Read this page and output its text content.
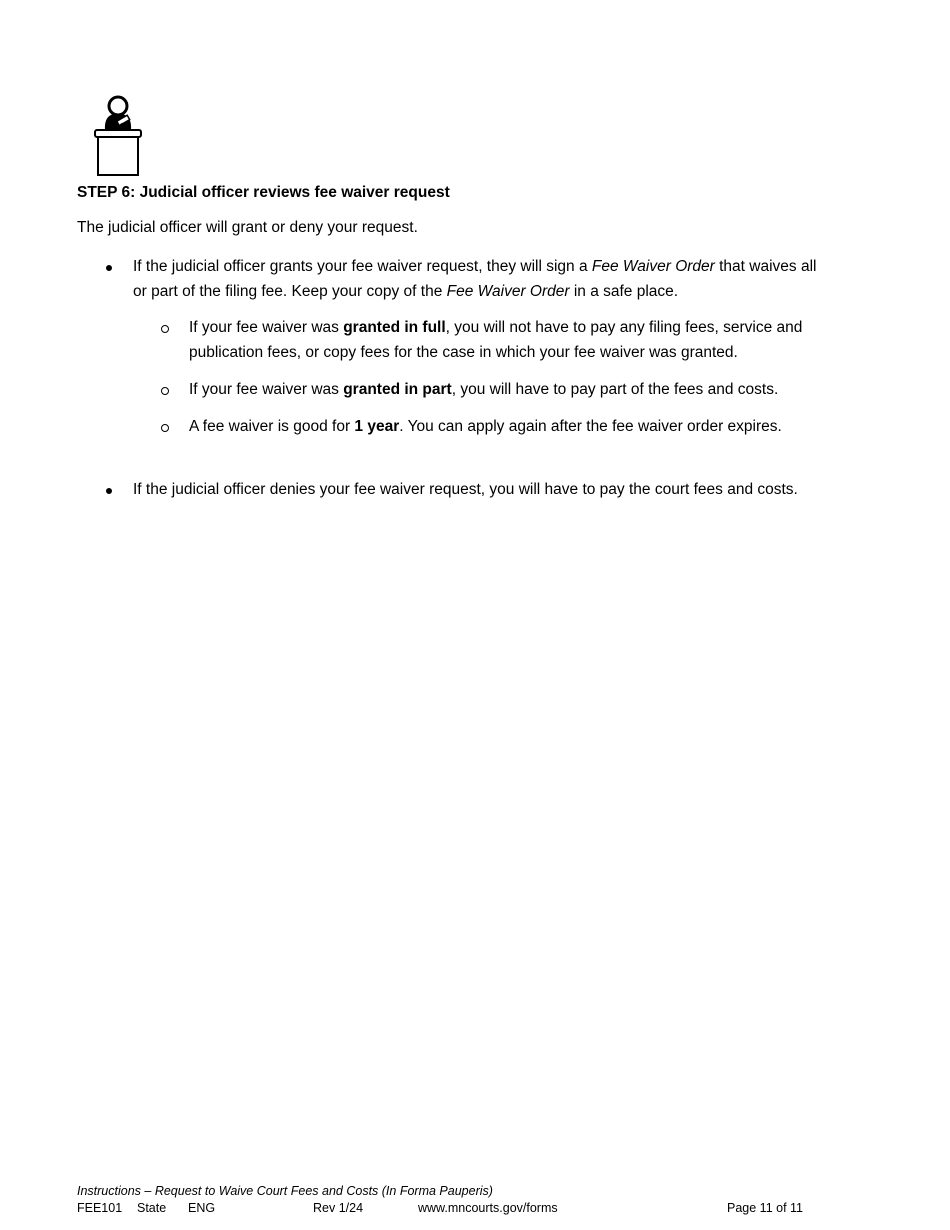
STEP 6: Judicial officer reviews fee waiver request

The judicial officer will grant or deny your request.

If the judicial officer grants your fee waiver request, they will sign a Fee Waiver Order that waives all or part of the filing fee. Keep your copy of the Fee Waiver Order in a safe place.

If your fee waiver was granted in full, you will not have to pay any filing fees, service and publication fees, or copy fees for the case in which your fee waiver was granted.

If your fee waiver was granted in part, you will have to pay part of the fees and costs.

A fee waiver is good for 1 year. You can apply again after the fee waiver order expires.

If the judicial officer denies your fee waiver request, you will have to pay the court fees and costs.

Instructions – Request to Waive Court Fees and Costs (In Forma Pauperis)
FEE101 State ENG	Rev 1/24	www.mncourts.gov/forms	Page 11 of 11
